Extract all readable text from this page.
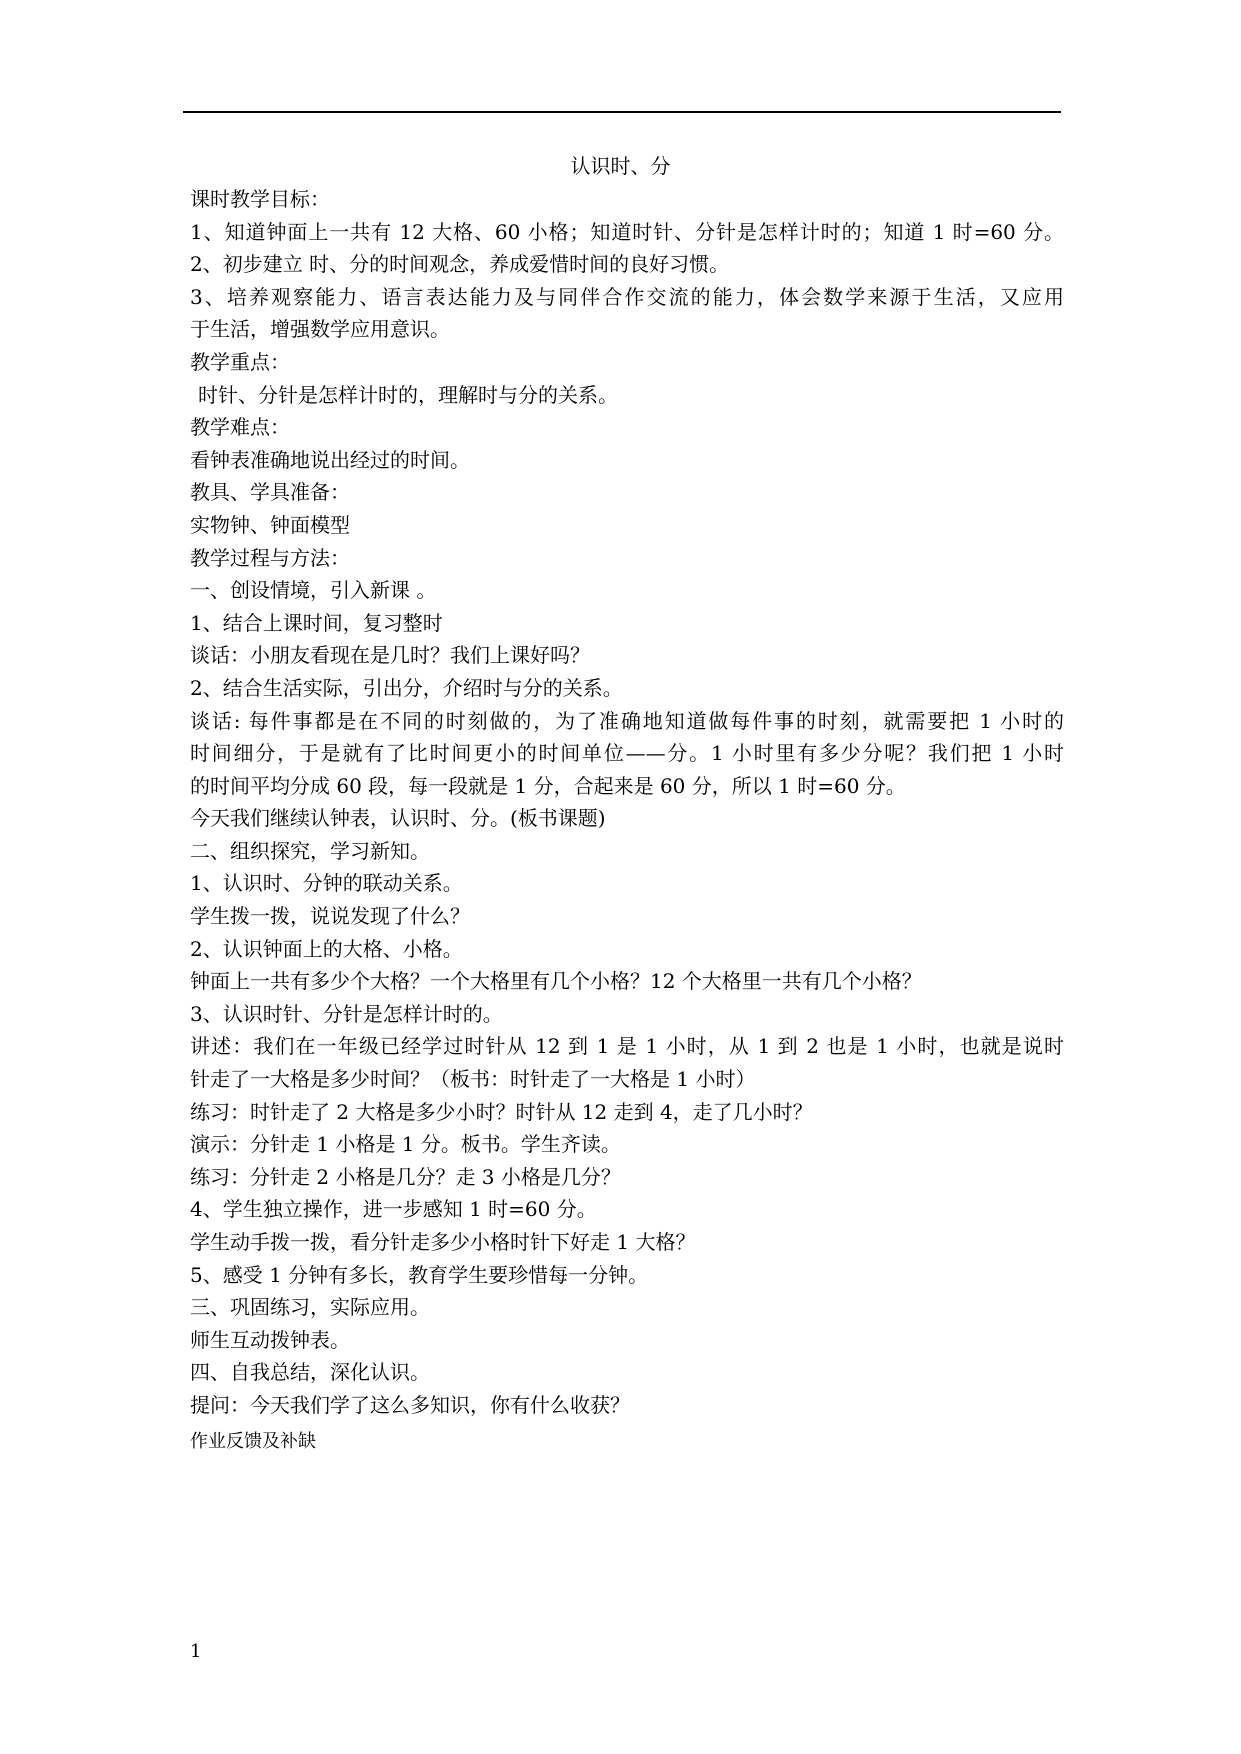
认识时、分
课时教学目标：
1、知道钟面上一共有 12 大格、60 小格；知道时针、分针是怎样计时的；知道 1 时=60 分。
2、初步建立 时、分的时间观念，养成爱惜时间的良好习惯。
3、培养观察能力、语言表达能力及与同伴合作交流的能力，体会数学来源于生活，又应用
于生活，增强数学应用意识。
教学重点：
时针、分针是怎样计时的，理解时与分的关系。
教学难点：
看钟表准确地说出经过的时间。
教具、学具准备：
实物钟、钟面模型
教学过程与方法：
一、创设情境，引入新课 。
1、结合上课时间，复习整时
谈话：小朋友看现在是几时？我们上课好吗？
2、结合生活实际，引出分，介绍时与分的关系。
谈话: 每件事都是在不同的时刻做的，为了准确地知道做每件事的时刻，就需要把 1 小时的
时间细分，于是就有了比时间更小的时间单位——分。1 小时里有多少分呢？我们把 1 小时
的时间平均分成 60 段，每一段就是 1 分，合起来是 60 分，所以 1 时=60 分。
今天我们继续认钟表，认识时、分。(板书课题)
二、组织探究，学习新知。
1、认识时、分钟的联动关系。
学生拨一拨，说说发现了什么？
2、认识钟面上的大格、小格。
钟面上一共有多少个大格？一个大格里有几个小格？12 个大格里一共有几个小格？
3、认识时针、分针是怎样计时的。
讲述：我们在一年级已经学过时针从 12 到 1 是 1 小时，从 1 到 2 也是 1 小时，也就是说时
针走了一大格是多少时间？（板书：时针走了一大格是 1 小时）
练习：时针走了 2 大格是多少小时？时针从 12 走到 4，走了几小时？
演示：分针走 1 小格是 1 分。板书。学生齐读。
练习：分针走 2 小格是几分？走 3 小格是几分？
4、学生独立操作，进一步感知 1 时=60 分。
学生动手拨一拨，看分针走多少小格时针下好走 1 大格？
5、感受 1 分钟有多长，教育学生要珍惜每一分钟。
三、巩固练习，实际应用。
师生互动拨钟表。
四、自我总结，深化认识。
提问：今天我们学了这么多知识，你有什么收获？
作业反馈及补缺
1
